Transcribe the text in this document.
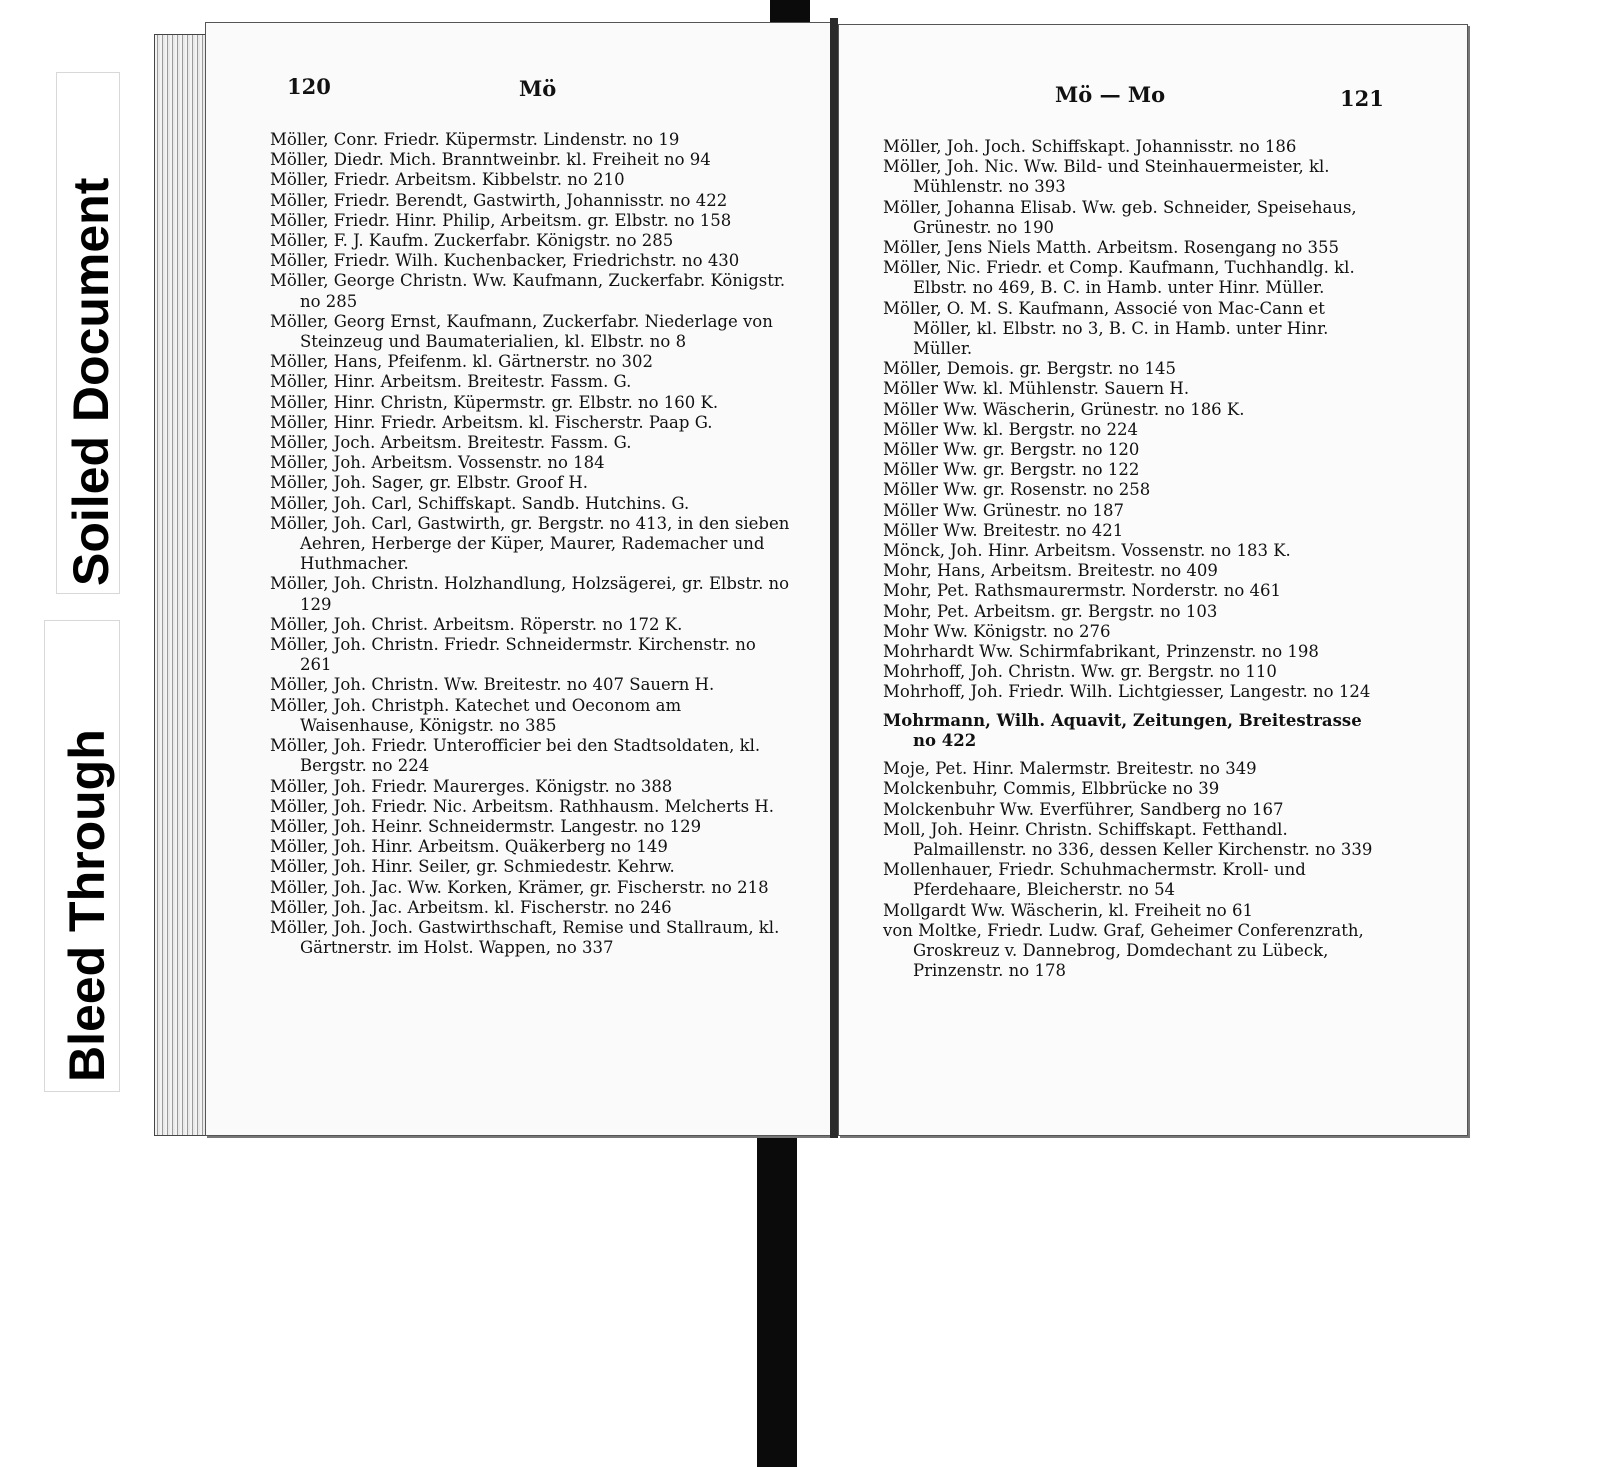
Soiled Document
Bleed Through
120	Mö	Mö — Mo	121

Möller, Conr. Friedr. Küpermstr. Lindenstr. no 19

Möller, Diedr. Mich. Branntweinbr. kl. Freiheit no 94

Möller, Friedr. Arbeitsm. Kibbelstr. no 210

Möller, Friedr. Berendt, Gastwirth, Johannisstr. no 422

Möller, Friedr. Hinr. Philip, Arbeitsm. gr. Elbstr. no 158

Möller, F. J. Kaufm. Zuckerfabr. Königstr. no 285

Möller, Friedr. Wilh. Kuchenbacker, Friedrichstr. no 430

Möller, George Christn. Ww. Kaufmann, Zuckerfabr. Königstr. no 285

Möller, Georg Ernst, Kaufmann, Zuckerfabr. Niederlage von Steinzeug und Baumaterialien, kl. Elbstr. no 8

Möller, Hans, Pfeifenm. kl. Gärtnerstr. no 302

Möller, Hinr. Arbeitsm. Breitestr. Fassm. G.

Möller, Hinr. Christn, Küpermstr. gr. Elbstr. no 160 K.

Möller, Hinr. Friedr. Arbeitsm. kl. Fischerstr. Paap G.

Möller, Joch. Arbeitsm. Breitestr. Fassm. G.

Möller, Joh. Arbeitsm. Vossenstr. no 184

Möller, Joh. Sager, gr. Elbstr. Groof H.

Möller, Joh. Carl, Schiffskapt. Sandb. Hutchins. G.

Möller, Joh. Carl, Gastwirth, gr. Bergstr. no 413, in den sieben Aehren, Herberge der Küper, Maurer, Rademacher und Huthmacher.

Möller, Joh. Christn. Holzhandlung, Holzsägerei, gr. Elbstr. no 129

Möller, Joh. Christ. Arbeitsm. Röperstr. no 172 K.

Möller, Joh. Christn. Friedr. Schneidermstr. Kirchenstr. no 261

Möller, Joh. Christn. Ww. Breitestr. no 407 Sauern H.

Möller, Joh. Christph. Katechet und Oeconom am Waisenhause, Königstr. no 385

Möller, Joh. Friedr. Unterofficier bei den Stadtsoldaten, kl. Bergstr. no 224

Möller, Joh. Friedr. Maurerges. Königstr. no 388

Möller, Joh. Friedr. Nic. Arbeitsm. Rathhausm. Melcherts H.

Möller, Joh. Heinr. Schneidermstr. Langestr. no 129

Möller, Joh. Hinr. Arbeitsm. Quäkerberg no 149

Möller, Joh. Hinr. Seiler, gr. Schmiedestr. Kehrw.

Möller, Joh. Jac. Ww. Korken, Krämer, gr. Fischerstr. no 218

Möller, Joh. Jac. Arbeitsm. kl. Fischerstr. no 246

Möller, Joh. Joch. Gastwirthschaft, Remise und Stallraum, kl. Gärtnerstr. im Holst. Wappen, no 337

Möller, Joh. Joch. Schiffskapt. Johannisstr. no 186

Möller, Joh. Nic. Ww. Bild- und Steinhauermeister, kl. Mühlenstr. no 393

Möller, Johanna Elisab. Ww. geb. Schneider, Speisehaus, Grünestr. no 190

Möller, Jens Niels Matth. Arbeitsm. Rosengang no 355

Möller, Nic. Friedr. et Comp. Kaufmann, Tuchhandlg. kl. Elbstr. no 469, B. C. in Hamb. unter Hinr. Müller.

Möller, O. M. S. Kaufmann, Associé von Mac-Cann et Möller, kl. Elbstr. no 3, B. C. in Hamb. unter Hinr. Müller.

Möller, Demois. gr. Bergstr. no 145

Möller Ww. kl. Mühlenstr. Sauern H.

Möller Ww. Wäscherin, Grünestr. no 186 K.

Möller Ww. kl. Bergstr. no 224

Möller Ww. gr. Bergstr. no 120

Möller Ww. gr. Bergstr. no 122

Möller Ww. gr. Rosenstr. no 258

Möller Ww. Grünestr. no 187

Möller Ww. Breitestr. no 421

Mönck, Joh. Hinr. Arbeitsm. Vossenstr. no 183 K.

Mohr, Hans, Arbeitsm. Breitestr. no 409

Mohr, Pet. Rathsmaurermstr. Norderstr. no 461

Mohr, Pet. Arbeitsm. gr. Bergstr. no 103

Mohr Ww. Königstr. no 276

Mohrhardt Ww. Schirmfabrikant, Prinzenstr. no 198

Mohrhoff, Joh. Christn. Ww. gr. Bergstr. no 110

Mohrhoff, Joh. Friedr. Wilh. Lichtgiesser, Langestr. no 124

Mohrmann, Wilh. Aquavit, Zeitungen, Breitestrasse no 422

Moje, Pet. Hinr. Malermstr. Breitestr. no 349

Molckenbuhr, Commis, Elbbrücke no 39

Molckenbuhr Ww. Everführer, Sandberg no 167

Moll, Joh. Heinr. Christn. Schiffskapt. Fetthandl. Palmaillenstr. no 336, dessen Keller Kirchenstr. no 339

Mollenhauer, Friedr. Schuhmachermstr. Kroll- und Pferdehaare, Bleicherstr. no 54

Mollgardt Ww. Wäscherin, kl. Freiheit no 61

von Moltke, Friedr. Ludw. Graf, Geheimer Conferenzrath, Groskreuz v. Dannebrog, Domdechant zu Lübeck, Prinzenstr. no 178
